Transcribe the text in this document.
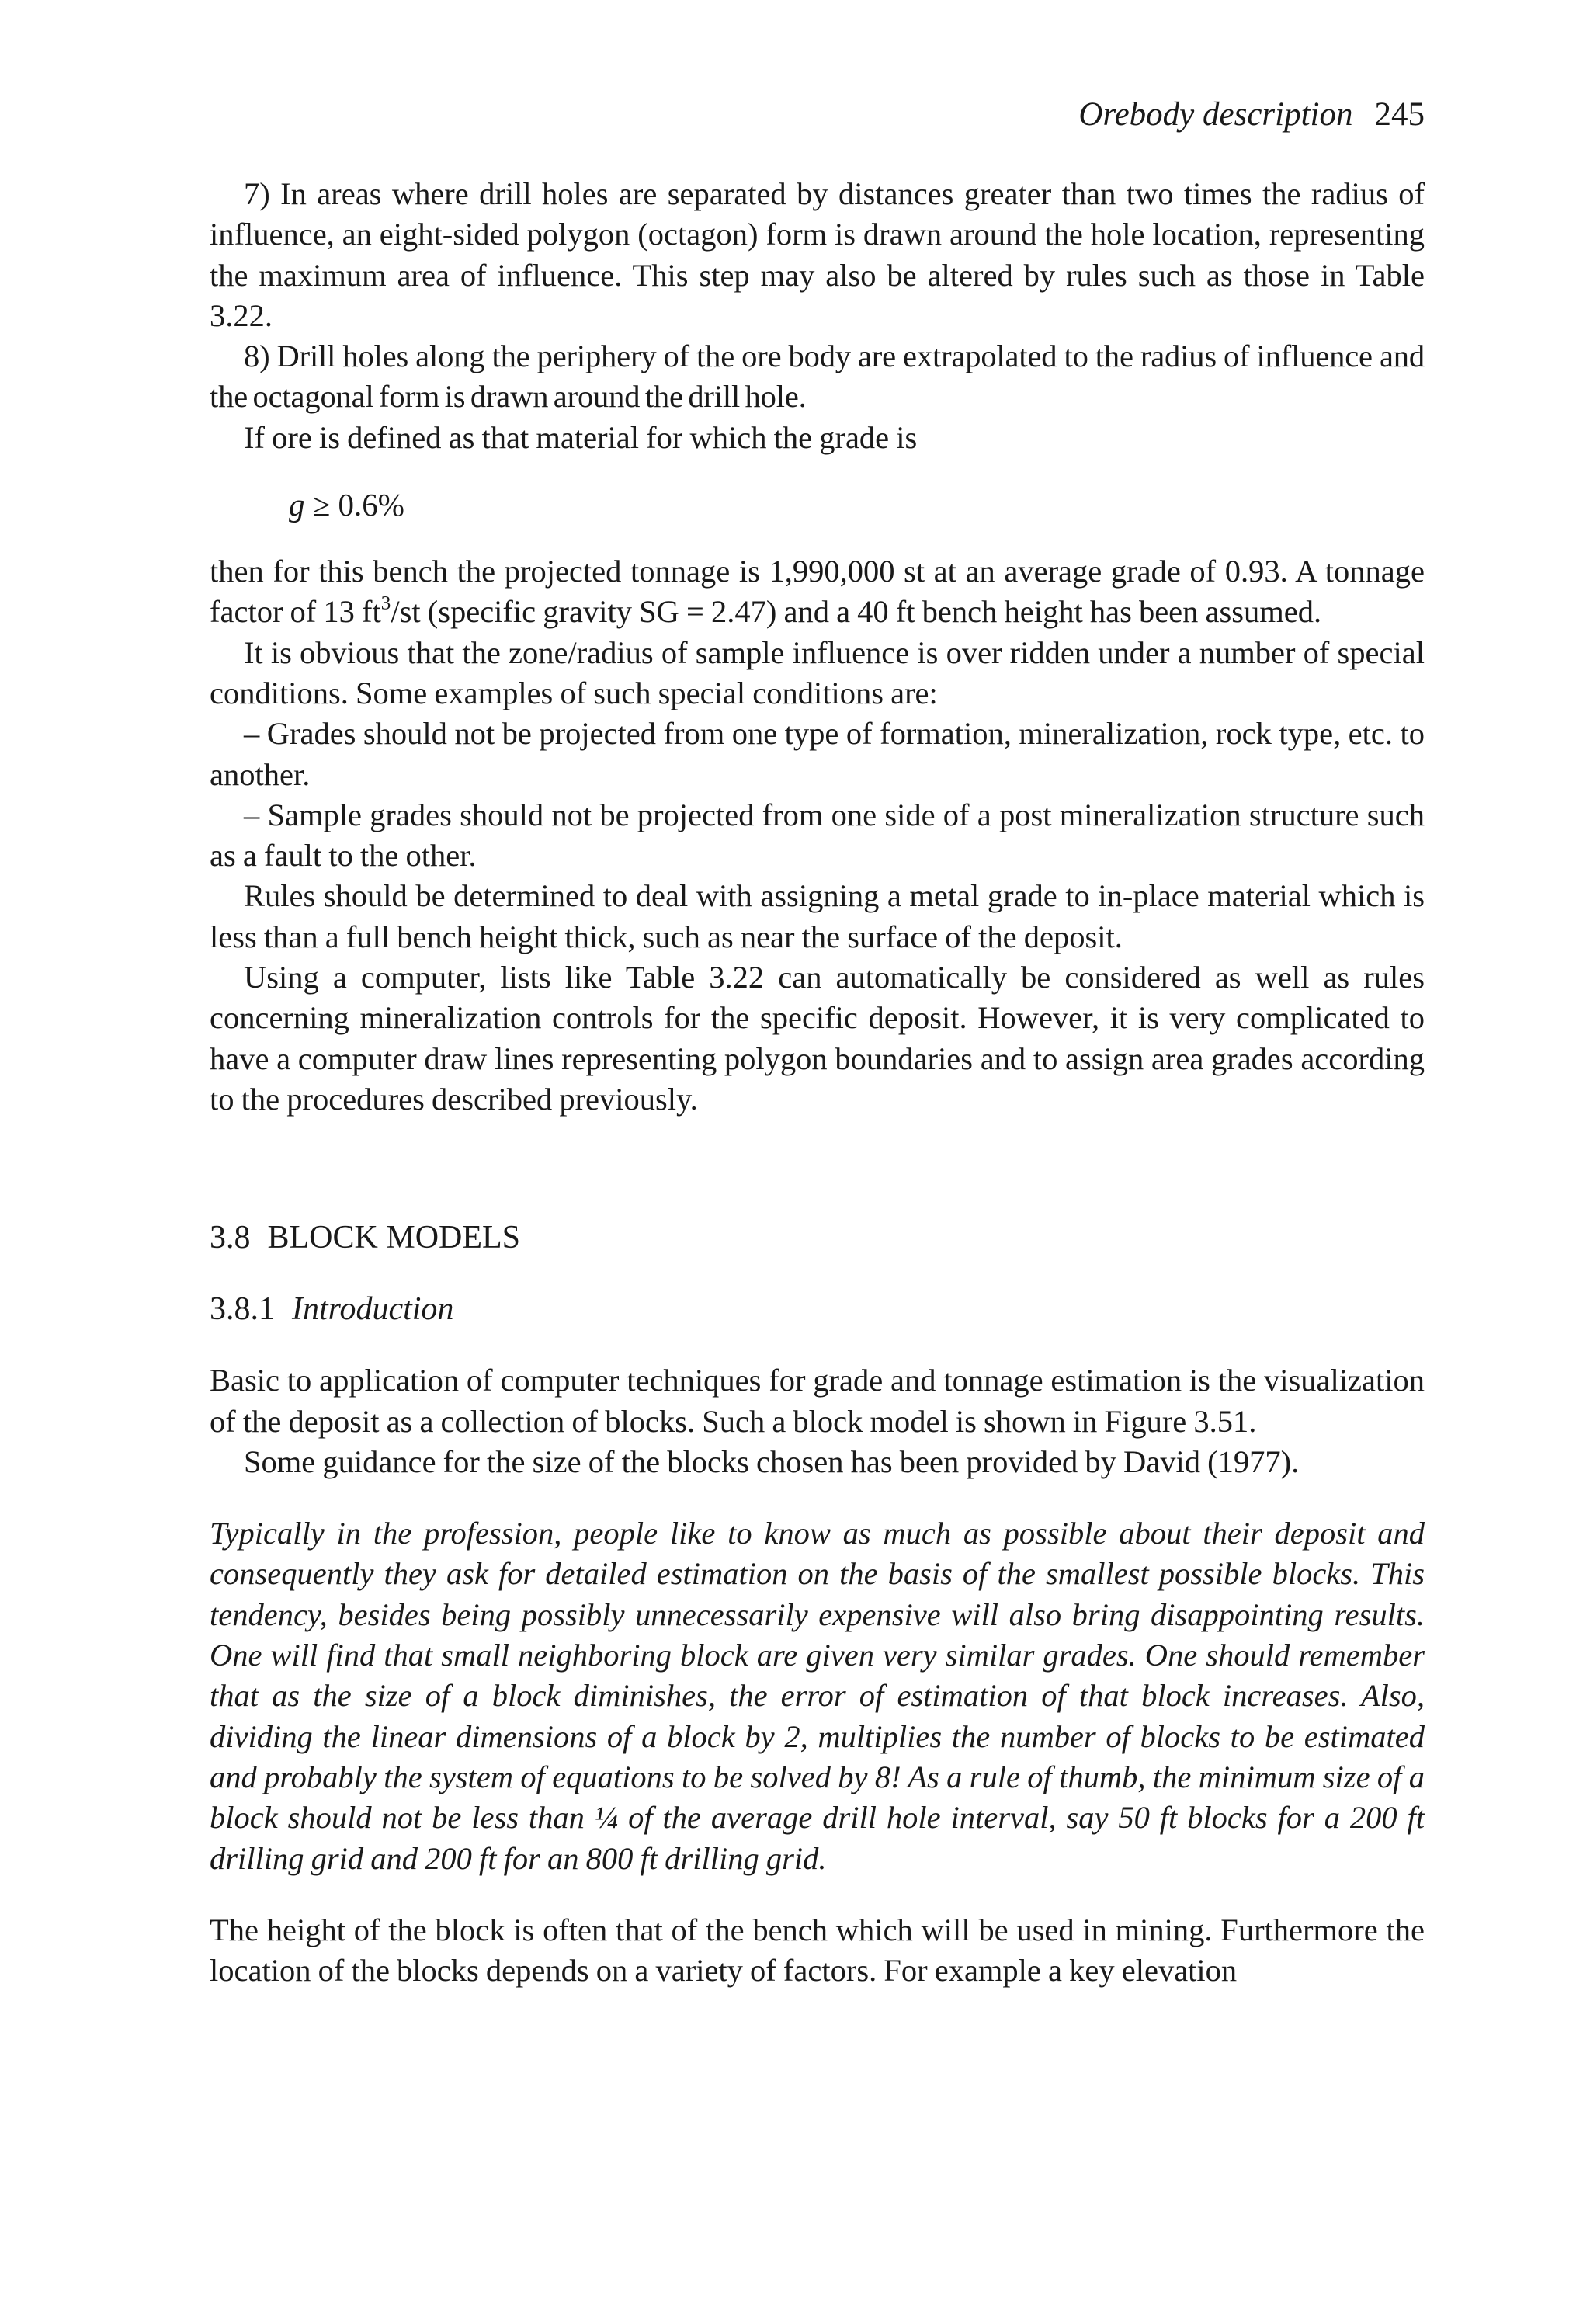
Orebody description 245

7) In areas where drill holes are separated by distances greater than two times the radius of influence, an eight-sided polygon (octagon) form is drawn around the hole location, representing the maximum area of influence. This step may also be altered by rules such as those in Table 3.22.

8) Drill holes along the periphery of the ore body are extrapolated to the radius of influence and the octagonal form is drawn around the drill hole.

If ore is defined as that material for which the grade is

g ≥ 0.6%

then for this bench the projected tonnage is 1,990,000 st at an average grade of 0.93. A tonnage factor of 13 $ft^3/st$ (specific gravity SG = 2.47) and a 40 ft bench height has been assumed.

It is obvious that the zone/radius of sample influence is over ridden under a number of special conditions. Some examples of such special conditions are:

– Grades should not be projected from one type of formation, mineralization, rock type, etc. to another.

– Sample grades should not be projected from one side of a post mineralization structure such as a fault to the other.

Rules should be determined to deal with assigning a metal grade to in-place material which is less than a full bench height thick, such as near the surface of the deposit.

Using a computer, lists like Table 3.22 can automatically be considered as well as rules concerning mineralization controls for the specific deposit. However, it is very complicated to have a computer draw lines representing polygon boundaries and to assign area grades according to the procedures described previously.

3.8 BLOCK MODELS
3.8.1 Introduction

Basic to application of computer techniques for grade and tonnage estimation is the visualization of the deposit as a collection of blocks. Such a block model is shown in Figure 3.51.

Some guidance for the size of the blocks chosen has been provided by David (1977).

Typically in the profession, people like to know as much as possible about their deposit and consequently they ask for detailed estimation on the basis of the smallest possible blocks. This tendency, besides being possibly unnecessarily expensive will also bring disappointing results. One will find that small neighboring block are given very similar grades. One should remember that as the size of a block diminishes, the error of estimation of that block increases. Also, dividing the linear dimensions of a block by 2, multiplies the number of blocks to be estimated and probably the system of equations to be solved by 8! As a rule of thumb, the minimum size of a block should not be less than ¼ of the average drill hole interval, say 50 ft blocks for a 200 ft drilling grid and 200 ft for an 800 ft drilling grid.

The height of the block is often that of the bench which will be used in mining. Furthermore the location of the blocks depends on a variety of factors. For example a key elevation
